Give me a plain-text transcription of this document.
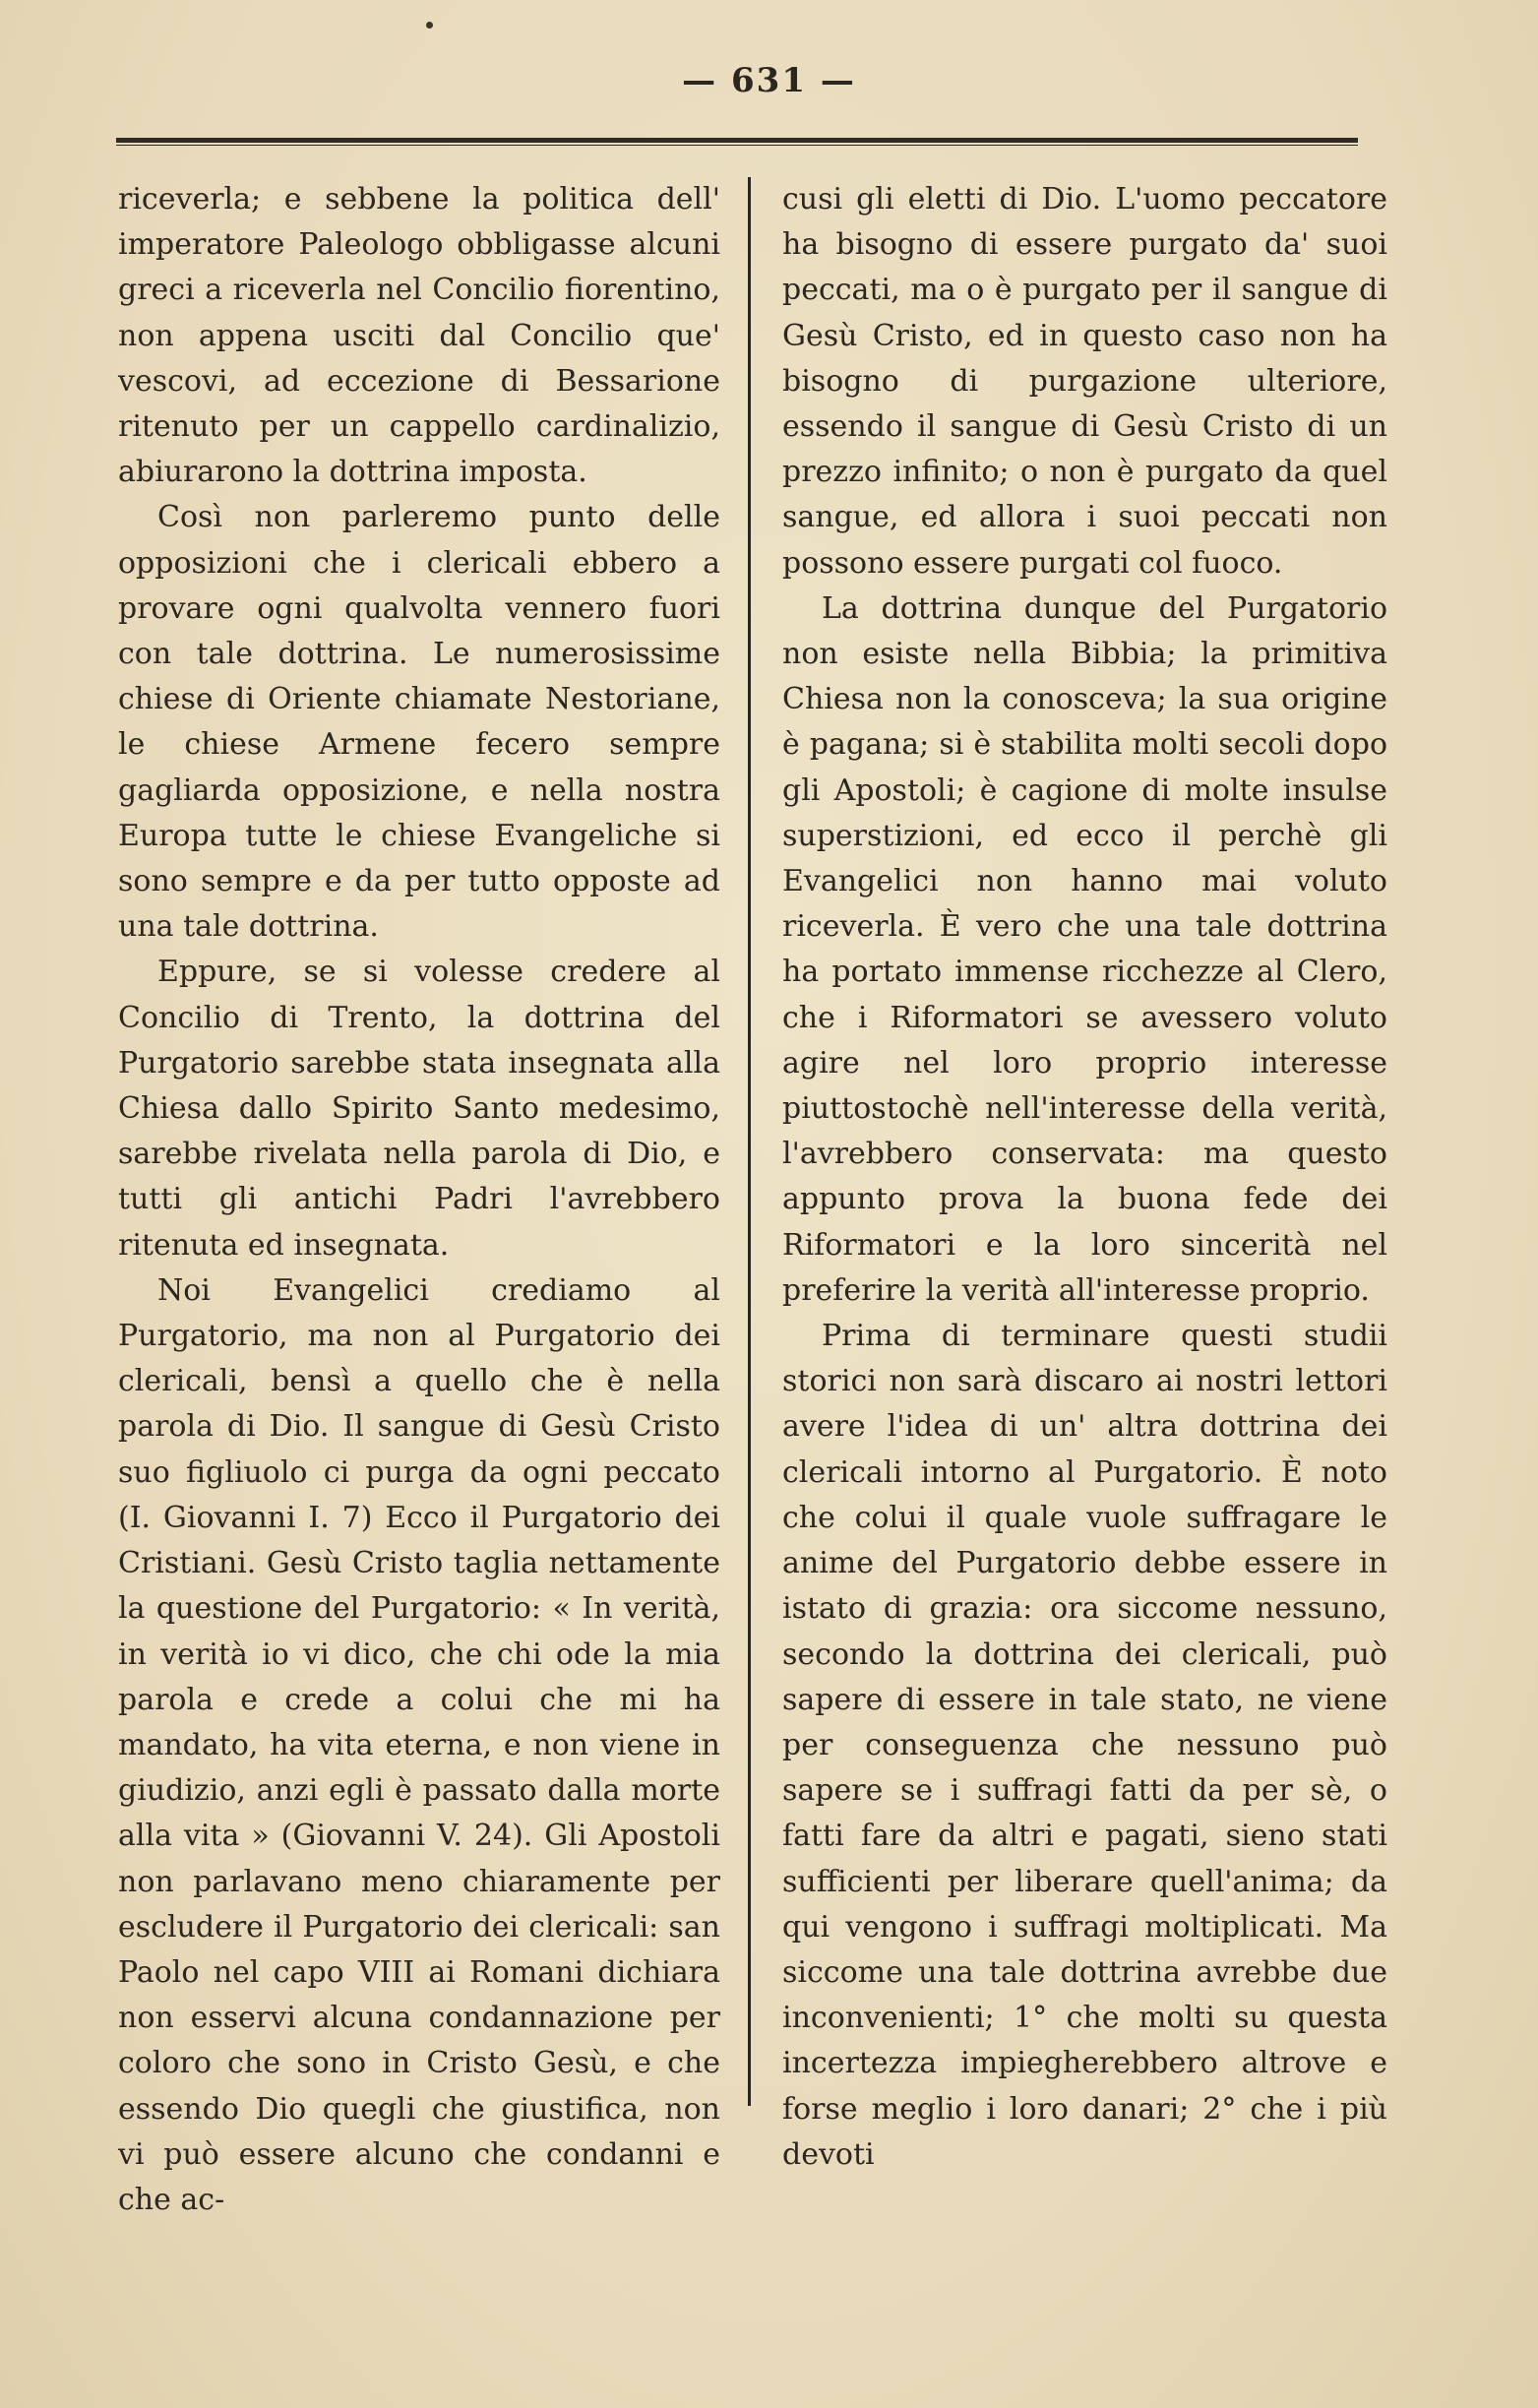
— 631 —

riceverla; e sebbene la politica dell' imperatore Paleologo obbligasse alcuni greci a riceverla nel Concilio fiorentino, non appena usciti dal Concilio que' vescovi, ad eccezione di Bessarione ritenuto per un cappello cardinalizio, abiurarono la dottrina imposta.

Così non parleremo punto delle opposizioni che i clericali ebbero a provare ogni qualvolta vennero fuori con tale dottrina. Le numerosissime chiese di Oriente chiamate Nestoriane, le chiese Armene fecero sempre gagliarda opposizione, e nella nostra Europa tutte le chiese Evangeliche si sono sempre e da per tutto opposte ad una tale dottrina.

Eppure, se si volesse credere al Concilio di Trento, la dottrina del Purgatorio sarebbe stata insegnata alla Chiesa dallo Spirito Santo medesimo, sarebbe rivelata nella parola di Dio, e tutti gli antichi Padri l'avrebbero ritenuta ed insegnata.

Noi Evangelici crediamo al Purgatorio, ma non al Purgatorio dei clericali, bensì a quello che è nella parola di Dio. Il sangue di Gesù Cristo suo figliuolo ci purga da ogni peccato (I. Giovanni I. 7) Ecco il Purgatorio dei Cristiani. Gesù Cristo taglia nettamente la questione del Purgatorio: « In verità, in verità io vi dico, che chi ode la mia parola e crede a colui che mi ha mandato, ha vita eterna, e non viene in giudizio, anzi egli è passato dalla morte alla vita » (Giovanni V. 24). Gli Apostoli non parlavano meno chiaramente per escludere il Purgatorio dei clericali: san Paolo nel capo VIII ai Romani dichiara non esservi alcuna condannazione per coloro che sono in Cristo Gesù, e che essendo Dio quegli che giustifica, non vi può essere alcuno che condanni e che ac-

cusi gli eletti di Dio. L'uomo peccatore ha bisogno di essere purgato da' suoi peccati, ma o è purgato per il sangue di Gesù Cristo, ed in questo caso non ha bisogno di purgazione ulteriore, essendo il sangue di Gesù Cristo di un prezzo infinito; o non è purgato da quel sangue, ed allora i suoi peccati non possono essere purgati col fuoco.

La dottrina dunque del Purgatorio non esiste nella Bibbia; la primitiva Chiesa non la conosceva; la sua origine è pagana; si è stabilita molti secoli dopo gli Apostoli; è cagione di molte insulse superstizioni, ed ecco il perchè gli Evangelici non hanno mai voluto riceverla. È vero che una tale dottrina ha portato immense ricchezze al Clero, che i Riformatori se avessero voluto agire nel loro proprio interesse piuttostochè nell'interesse della verità, l'avrebbero conservata: ma questo appunto prova la buona fede dei Riformatori e la loro sincerità nel preferire la verità all'interesse proprio.

Prima di terminare questi studii storici non sarà discaro ai nostri lettori avere l'idea di un' altra dottrina dei clericali intorno al Purgatorio. È noto che colui il quale vuole suffragare le anime del Purgatorio debbe essere in istato di grazia: ora siccome nessuno, secondo la dottrina dei clericali, può sapere di essere in tale stato, ne viene per conseguenza che nessuno può sapere se i suffragi fatti da per sè, o fatti fare da altri e pagati, sieno stati sufficienti per liberare quell'anima; da qui vengono i suffragi moltiplicati. Ma siccome una tale dottrina avrebbe due inconvenienti; 1° che molti su questa incertezza impiegherebbero altrove e forse meglio i loro danari; 2° che i più devoti
